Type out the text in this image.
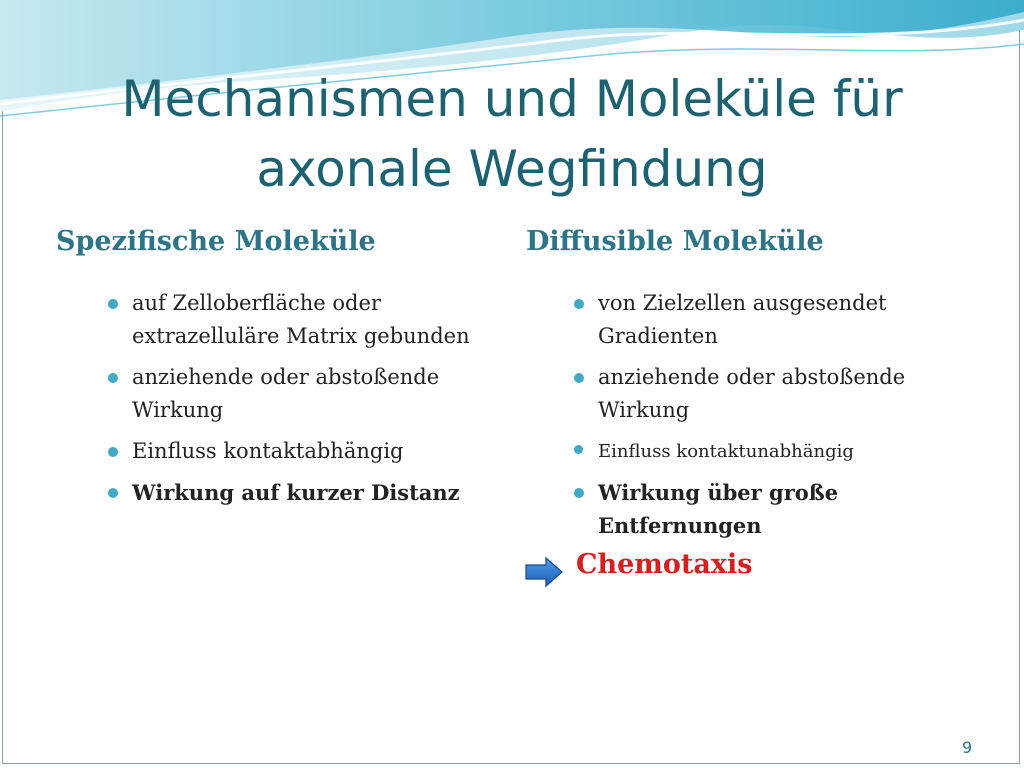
Mechanismen und Moleküle für
axonale Wegfindung
Spezifische Moleküle	Diffusible Moleküle
auf Zelloberfläche oder extrazelluläre Matrix gebunden
anziehende oder abstoßende Wirkung
Einfluss kontaktabhängig
Wirkung auf kurzer Distanz
von Zielzellen ausgesendet Gradienten
anziehende oder abstoßende Wirkung
Einfluss kontaktunabhängig
Wirkung über große Entfernungen
Chemotaxis
9
